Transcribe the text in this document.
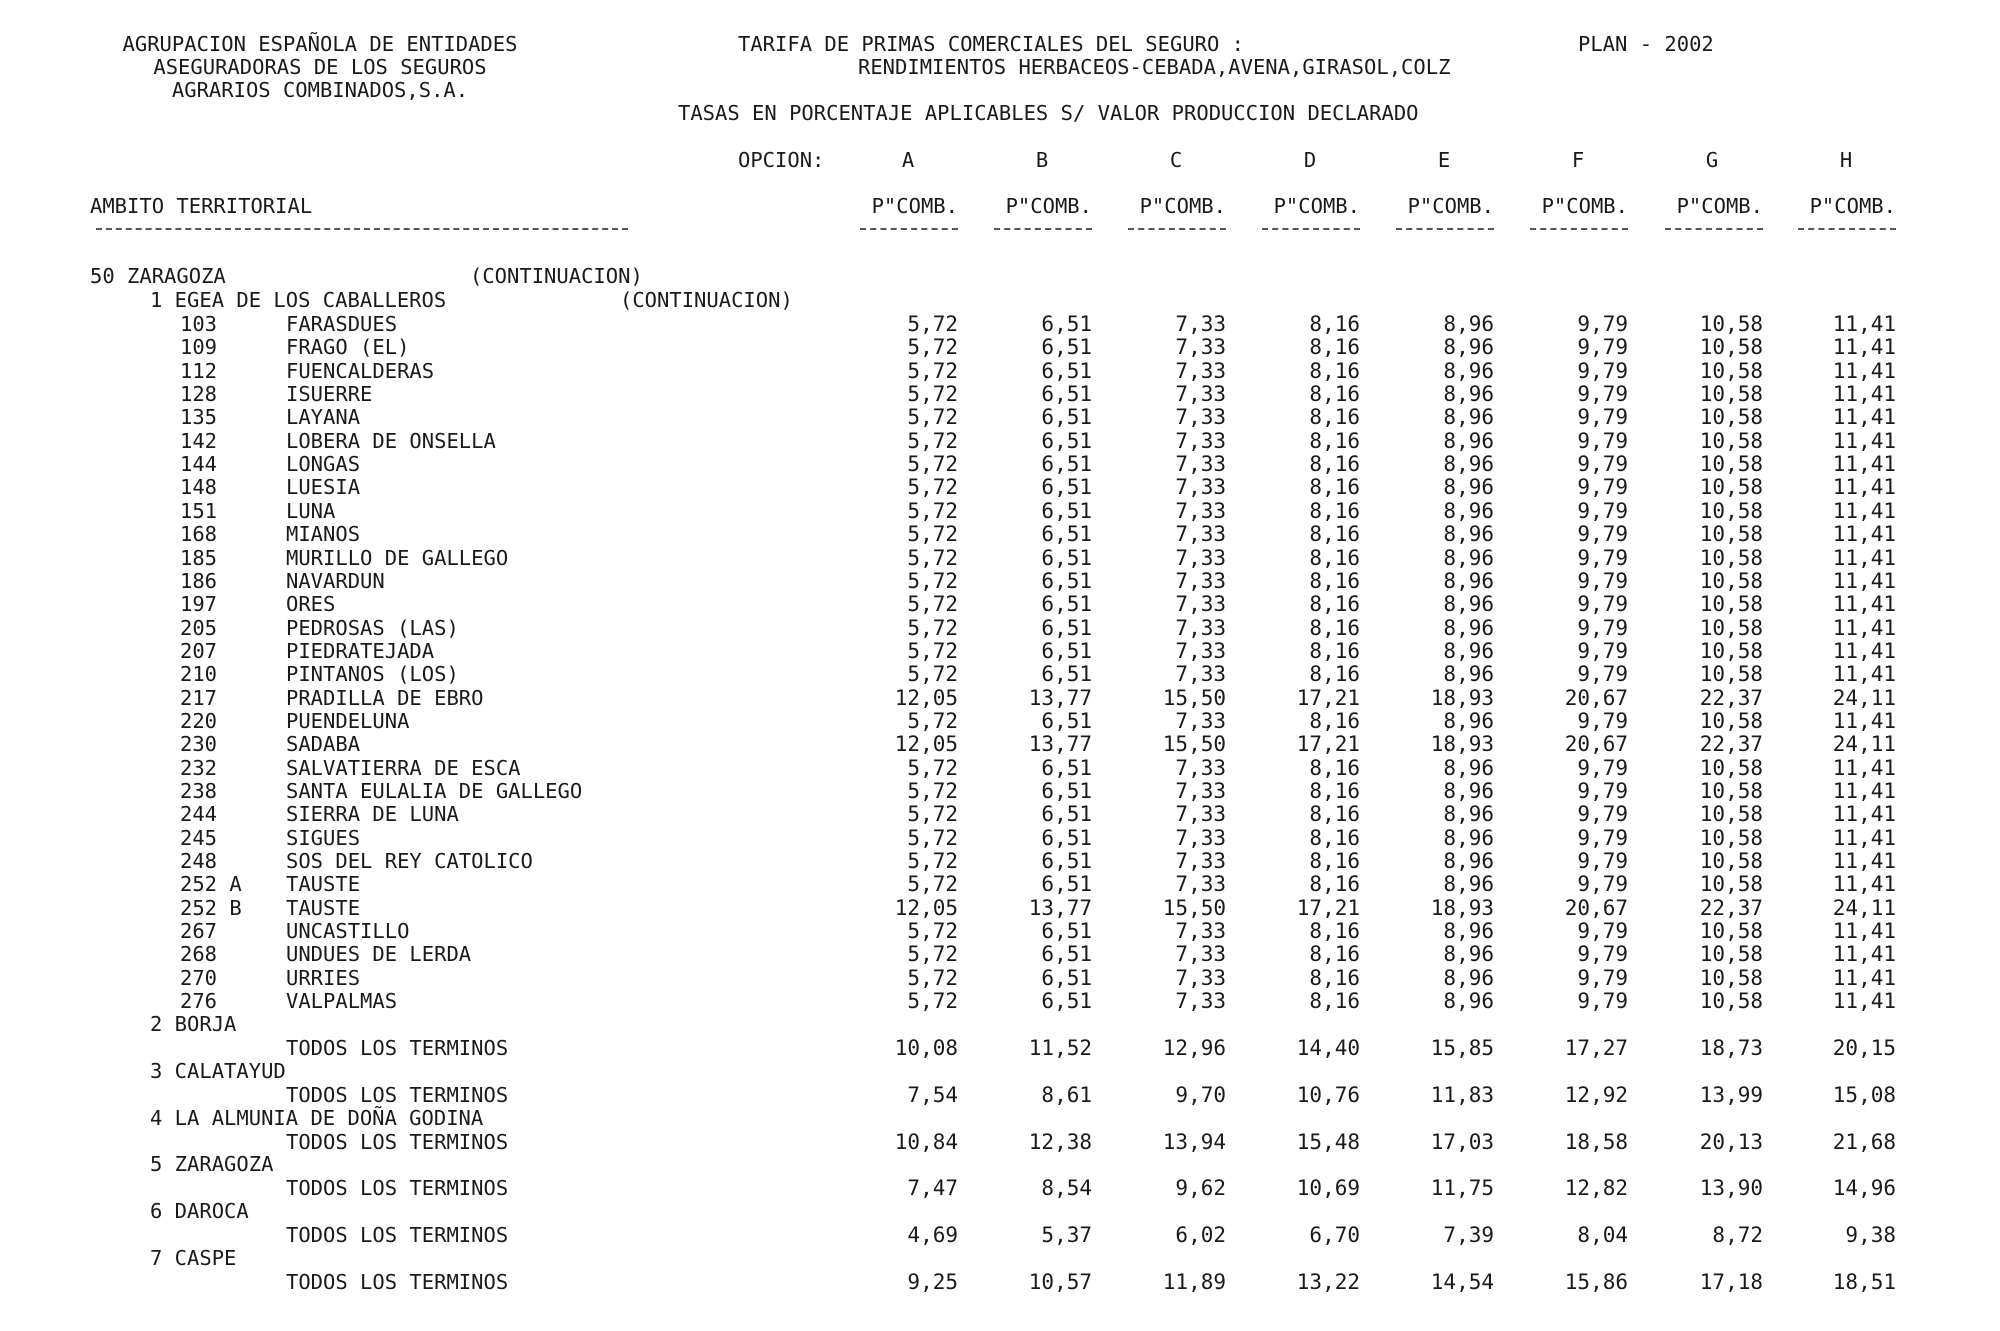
AGRUPACION ESPAÑOLA DE ENTIDADES
ASEGURADORAS DE LOS SEGUROS
AGRARIOS COMBINADOS,S.A.
TARIFA DE PRIMAS COMERCIALES DEL SEGURO :	PLAN - 2002
RENDIMIENTOS HERBACEOS-CEBADA,AVENA,GIRASOL,COLZ
TASAS EN PORCENTAJE APLICABLES S/ VALOR PRODUCCION DECLARADO
OPCION:	A	B	C	D	E	F	G	H
AMBITO TERRITORIAL	P"COMB.	P"COMB.	P"COMB.	P"COMB.	P"COMB.	P"COMB.	P"COMB.	P"COMB.
50 ZARAGOZA	(CONTINUACION)
1 EGEA DE LOS CABALLEROS	(CONTINUACION)
103	FARASDUES	5,72	6,51	7,33	8,16	8,96	9,79	10,58	11,41
109	FRAGO (EL)	5,72	6,51	7,33	8,16	8,96	9,79	10,58	11,41
112	FUENCALDERAS	5,72	6,51	7,33	8,16	8,96	9,79	10,58	11,41
128	ISUERRE	5,72	6,51	7,33	8,16	8,96	9,79	10,58	11,41
135	LAYANA	5,72	6,51	7,33	8,16	8,96	9,79	10,58	11,41
142	LOBERA DE ONSELLA	5,72	6,51	7,33	8,16	8,96	9,79	10,58	11,41
144	LONGAS	5,72	6,51	7,33	8,16	8,96	9,79	10,58	11,41
148	LUESIA	5,72	6,51	7,33	8,16	8,96	9,79	10,58	11,41
151	LUNA	5,72	6,51	7,33	8,16	8,96	9,79	10,58	11,41
168	MIANOS	5,72	6,51	7,33	8,16	8,96	9,79	10,58	11,41
185	MURILLO DE GALLEGO	5,72	6,51	7,33	8,16	8,96	9,79	10,58	11,41
186	NAVARDUN	5,72	6,51	7,33	8,16	8,96	9,79	10,58	11,41
197	ORES	5,72	6,51	7,33	8,16	8,96	9,79	10,58	11,41
205	PEDROSAS (LAS)	5,72	6,51	7,33	8,16	8,96	9,79	10,58	11,41
207	PIEDRATEJADA	5,72	6,51	7,33	8,16	8,96	9,79	10,58	11,41
210	PINTANOS (LOS)	5,72	6,51	7,33	8,16	8,96	9,79	10,58	11,41
217	PRADILLA DE EBRO	12,05	13,77	15,50	17,21	18,93	20,67	22,37	24,11
220	PUENDELUNA	5,72	6,51	7,33	8,16	8,96	9,79	10,58	11,41
230	SADABA	12,05	13,77	15,50	17,21	18,93	20,67	22,37	24,11
232	SALVATIERRA DE ESCA	5,72	6,51	7,33	8,16	8,96	9,79	10,58	11,41
238	SANTA EULALIA DE GALLEGO	5,72	6,51	7,33	8,16	8,96	9,79	10,58	11,41
244	SIERRA DE LUNA	5,72	6,51	7,33	8,16	8,96	9,79	10,58	11,41
245	SIGUES	5,72	6,51	7,33	8,16	8,96	9,79	10,58	11,41
248	SOS DEL REY CATOLICO	5,72	6,51	7,33	8,16	8,96	9,79	10,58	11,41
252 A TAUSTE	5,72	6,51	7,33	8,16	8,96	9,79	10,58	11,41
252 B TAUSTE	12,05	13,77	15,50	17,21	18,93	20,67	22,37	24,11
267	UNCASTILLO	5,72	6,51	7,33	8,16	8,96	9,79	10,58	11,41
268	UNDUES DE LERDA	5,72	6,51	7,33	8,16	8,96	9,79	10,58	11,41
270	URRIES	5,72	6,51	7,33	8,16	8,96	9,79	10,58	11,41
276	VALPALMAS	5,72	6,51	7,33	8,16	8,96	9,79	10,58	11,41
2 BORJA
TODOS LOS TERMINOS	10,08	11,52	12,96	14,40	15,85	17,27	18,73	20,15
3 CALATAYUD
TODOS LOS TERMINOS	7,54	8,61	9,70	10,76	11,83	12,92	13,99	15,08
4 LA ALMUNIA DE DOÑA GODINA
TODOS LOS TERMINOS	10,84	12,38	13,94	15,48	17,03	18,58	20,13	21,68
5 ZARAGOZA
TODOS LOS TERMINOS	7,47	8,54	9,62	10,69	11,75	12,82	13,90	14,96
6 DAROCA
TODOS LOS TERMINOS	4,69	5,37	6,02	6,70	7,39	8,04	8,72	9,38
7 CASPE
TODOS LOS TERMINOS	9,25	10,57	11,89	13,22	14,54	15,86	17,18	18,51
